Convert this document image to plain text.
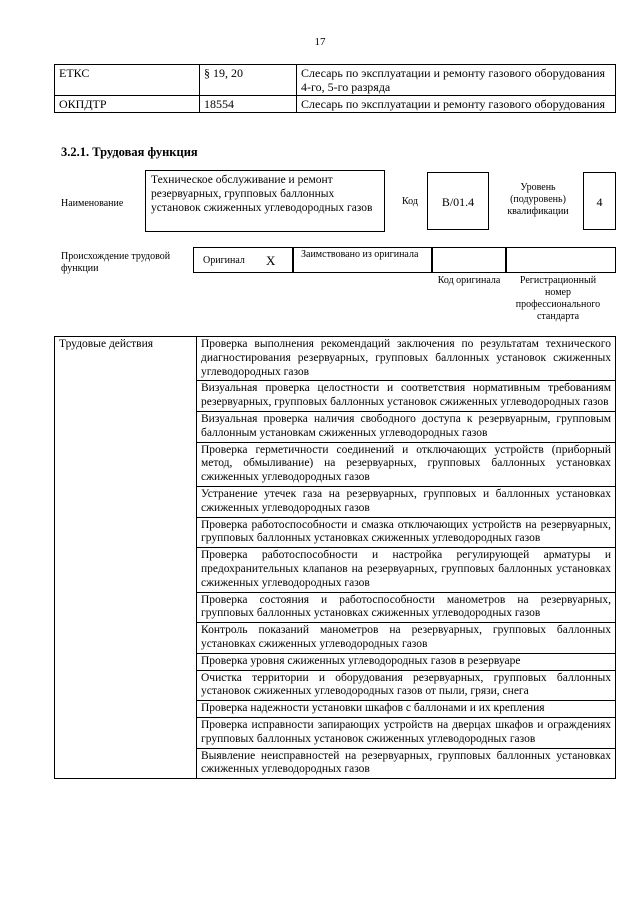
17
ЕТКС	§ 19, 20	Слесарь по эксплуатации и ремонту газового оборудования 4-го, 5-го разряда
ОКПДТР	18554	Слесарь по эксплуатации и ремонту газового оборудования
3.2.1. Трудовая функция
Наименование
Техническое обслуживание и ремонт резервуарных, групповых баллонных установок сжиженных углеводородных газов
Код	B/01.4
Уровень (подуровень) квалификации
4
Происхождение трудовой функции
Оригинал X	Заимствовано из оригинала
Код оригинала	Регистрационный номер профессионального стандарта
Трудовые действия	Проверка выполнения рекомендаций заключения по результатам технического диагностирования резервуарных, групповых баллонных установок сжиженных углеводородных газов
Визуальная проверка целостности и соответствия нормативным требованиям резервуарных, групповых баллонных установок сжиженных углеводородных газов
Визуальная проверка наличия свободного доступа к резервуарным, групповым баллонным установкам сжиженных углеводородных газов
Проверка герметичности соединений и отключающих устройств (приборный метод, обмыливание) на резервуарных, групповых баллонных установках сжиженных углеводородных газов
Устранение утечек газа на резервуарных, групповых и баллонных установках сжиженных углеводородных газов
Проверка работоспособности и смазка отключающих устройств на резервуарных, групповых баллонных установках сжиженных углеводородных газов
Проверка работоспособности и настройка регулирующей арматуры и предохранительных клапанов на резервуарных, групповых баллонных установках сжиженных углеводородных газов
Проверка состояния и работоспособности манометров на резервуарных, групповых баллонных установках сжиженных углеводородных газов
Контроль показаний манометров на резервуарных, групповых баллонных установках сжиженных углеводородных газов
Проверка уровня сжиженных углеводородных газов в резервуаре
Очистка территории и оборудования резервуарных, групповых баллонных установок сжиженных углеводородных газов от пыли, грязи, снега
Проверка надежности установки шкафов с баллонами и их крепления
Проверка исправности запирающих устройств на дверцах шкафов и ограждениях групповых баллонных установок сжиженных углеводородных газов
Выявление неисправностей на резервуарных, групповых баллонных установках сжиженных углеводородных газов
